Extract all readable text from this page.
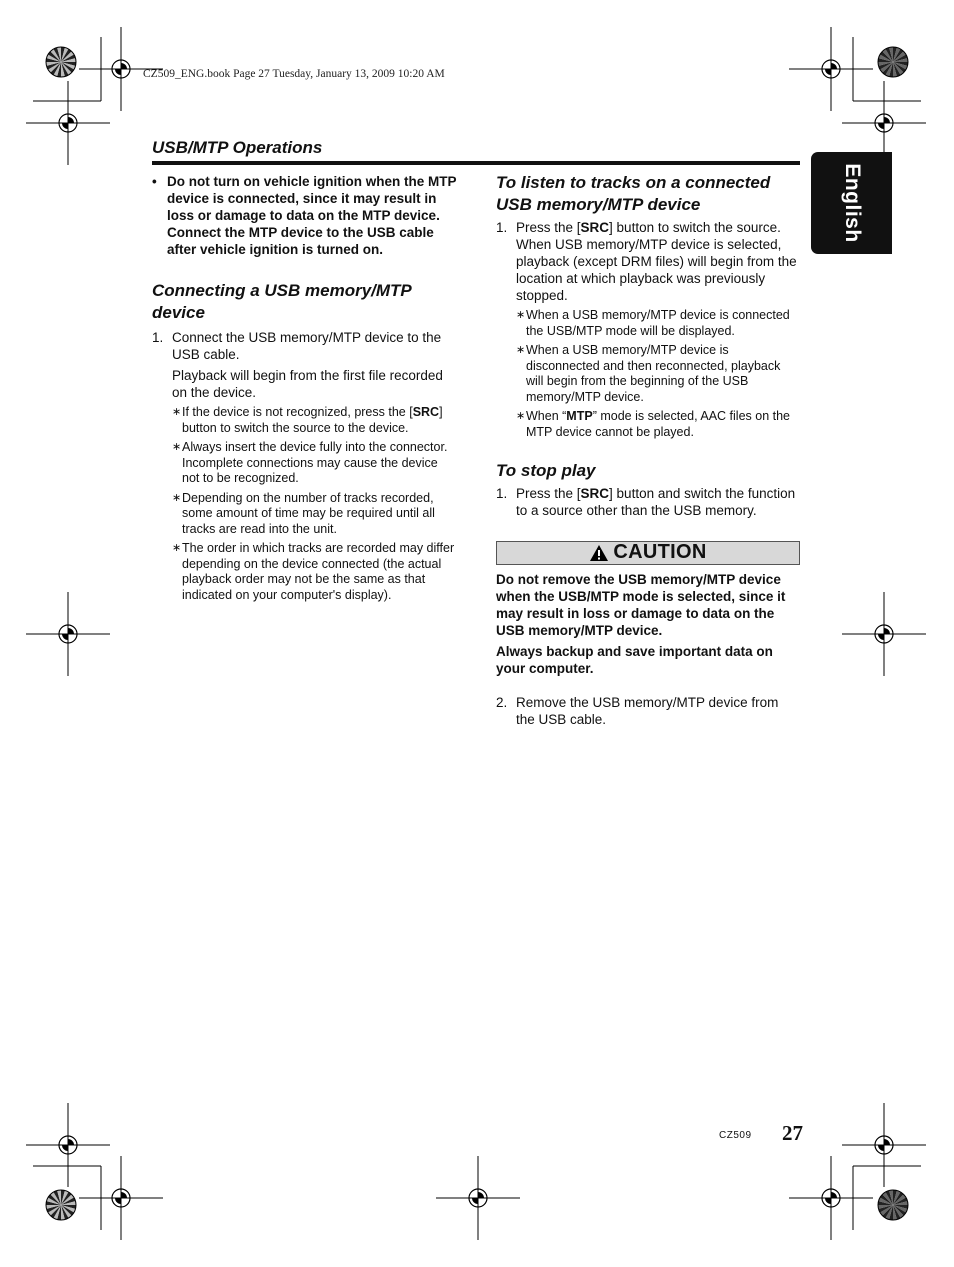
CZ509_ENG.book Page 27 Tuesday, January 13, 2009 10:20 AM
USB/MTP Operations
English
• Do not turn on vehicle ignition when the MTP device is connected, since it may result in loss or damage to data on the MTP device. Connect the MTP device to the USB cable after vehicle ignition is turned on.
Connecting a USB memory/MTP device
1. Connect the USB memory/MTP device to the USB cable.
Playback will begin from the first file recorded on the device.
∗ If the device is not recognized, press the [SRC] button to switch the source to the device.
∗ Always insert the device fully into the connector. Incomplete connections may cause the device not to be recognized.
∗ Depending on the number of tracks recorded, some amount of time may be required until all tracks are read into the unit.
∗ The order in which tracks are recorded may differ depending on the device connected (the actual playback order may not be the same as that indicated on your computer's display).
To listen to tracks on a connected USB memory/MTP device
1. Press the [SRC] button to switch the source. When USB memory/MTP device is selected, playback (except DRM files) will begin from the location at which playback was previously stopped.
∗ When a USB memory/MTP device is connected the USB/MTP mode will be displayed.
∗ When a USB memory/MTP device is disconnected and then reconnected, playback will begin from the beginning of the USB memory/MTP device.
∗ When “MTP” mode is selected, AAC files on the MTP device cannot be played.
To stop play
1. Press the [SRC] button and switch the function to a source other than the USB memory.
CAUTION
Do not remove the USB memory/MTP device when the USB/MTP mode is selected, since it may result in loss or damage to data on the USB memory/MTP device.
Always backup and save important data on your computer.
2. Remove the USB memory/MTP device from the USB cable.
CZ509 27
